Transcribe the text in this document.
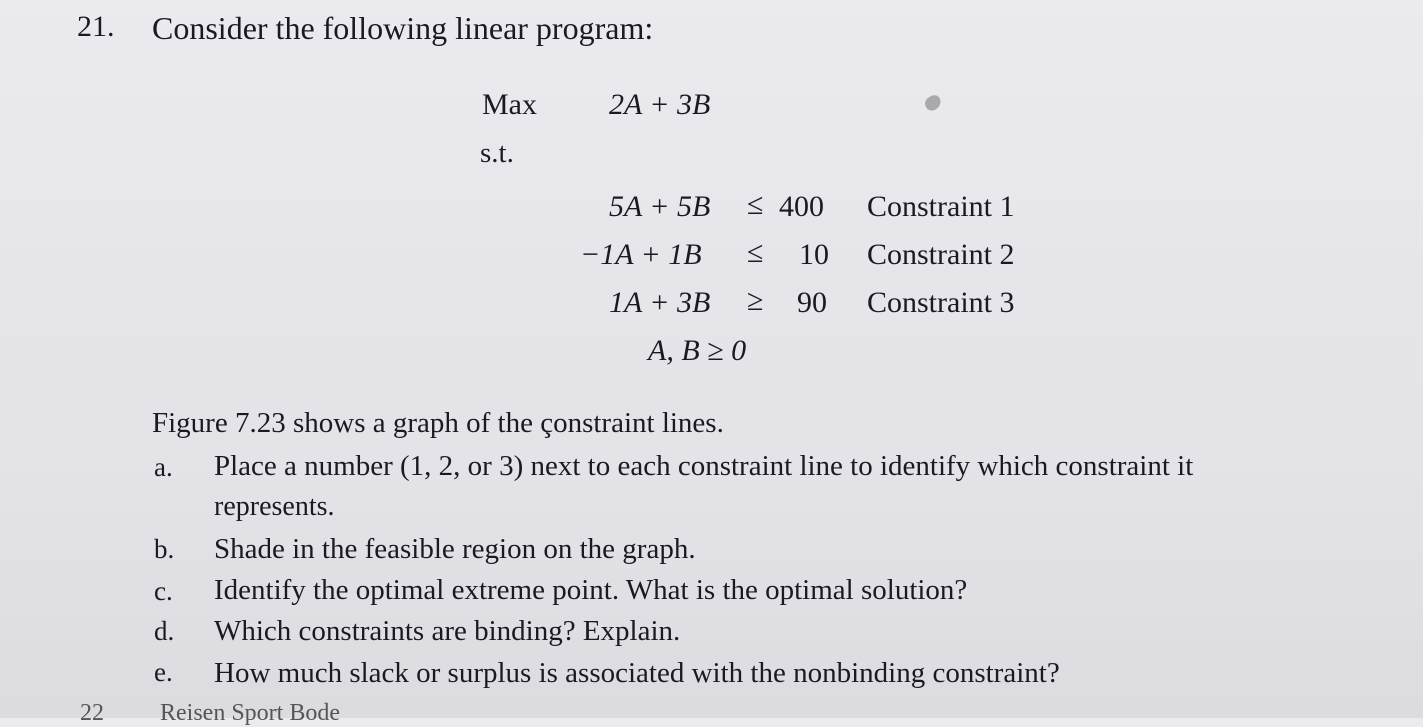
21. Consider the following linear program:
Max 2A + 3B
s.t.
5A + 5B ≤ 400 Constraint 1
−1A + 1B ≤ 10 Constraint 2
1A + 3B ≥ 90 Constraint 3
A, B ≥ 0
Figure 7.23 shows a graph of the çonstraint lines.
a. Place a number (1, 2, or 3) next to each constraint line to identify which constraint it
represents.
b. Shade in the feasible region on the graph.
c. Identify the optimal extreme point. What is the optimal solution?
d. Which constraints are binding? Explain.
e. How much slack or surplus is associated with the nonbinding constraint?
22 Reisen Sport Bode
